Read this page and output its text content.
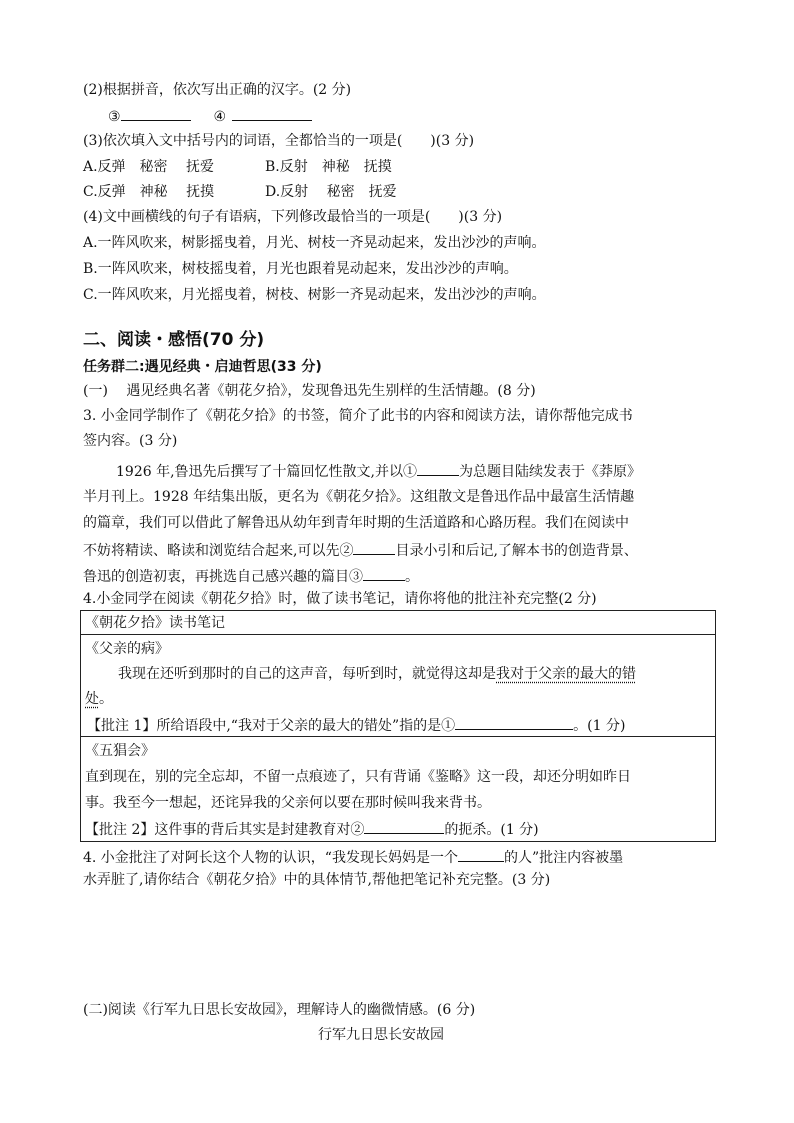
(2)根据拼音，依次写出正确的汉字。(2 分)
③	④
(3)依次填入文中括号内的词语，全都恰当的一项是(　　)(3 分)
A.反弹　秘密　 抚爱	B.反射　神秘　抚摸
C.反弹　神秘　 抚摸	D.反射　 秘密　抚爱
(4)文中画横线的句子有语病，下列修改最恰当的一项是(　　)(3 分)
A.一阵风吹来，树影摇曳着，月光、树枝一齐晃动起来，发出沙沙的声响。
B.一阵风吹来，树枝摇曳着，月光也跟着晃动起来，发出沙沙的声响。
C.一阵风吹来，月光摇曳着，树枝、树影一齐晃动起来，发出沙沙的声响。
二、阅读・感悟(70 分)
任务群二:遇见经典・启迪哲思(33 分)
(一)　 遇见经典名著《朝花夕拾》，发现鲁迅先生别样的生活情趣。(8 分)
3. 小金同学制作了《朝花夕拾》的书签，简介了此书的内容和阅读方法，请你帮他完成书
签内容。(3 分)
1926 年,鲁迅先后撰写了十篇回忆性散文,并以①	为总题目陆续发表于《莽原》
半月刊上。1928 年结集出版，更名为《朝花夕拾》。这组散文是鲁迅作品中最富生活情趣
的篇章，我们可以借此了解鲁迅从幼年到青年时期的生活道路和心路历程。我们在阅读中
不妨将精读、略读和浏览结合起来,可以先②	目录小引和后记,了解本书的创造背景、
鲁迅的创造初衷，再挑选自己感兴趣的篇目③	。
4.小金同学在阅读《朝花夕拾》时，做了读书笔记，请你将他的批注补充完整(2 分)
《朝花夕拾》读书笔记
《父亲的病》
我现在还听到那时的自己的这声音，每听到时，就觉得这却是我对于父亲的最大的错
处。
【批注 1】所给语段中,“我对于父亲的最大的错处”指的是①	。(1 分)
《五猖会》
直到现在，别的完全忘却，不留一点痕迹了，只有背诵《鉴略》这一段，却还分明如昨日
事。我至今一想起，还诧异我的父亲何以要在那时候叫我来背书。
【批注 2】这件事的背后其实是封建教育对②	的扼杀。(1 分)
4. 小金批注了对阿长这个人物的认识，“我发现长妈妈是一个	的人”批注内容被墨
水弄脏了,请你结合《朝花夕拾》中的具体情节,帮他把笔记补充完整。(3 分)
(二)阅读《行军九日思长安故园》，理解诗人的幽微情感。(6 分)
行军九日思长安故园
